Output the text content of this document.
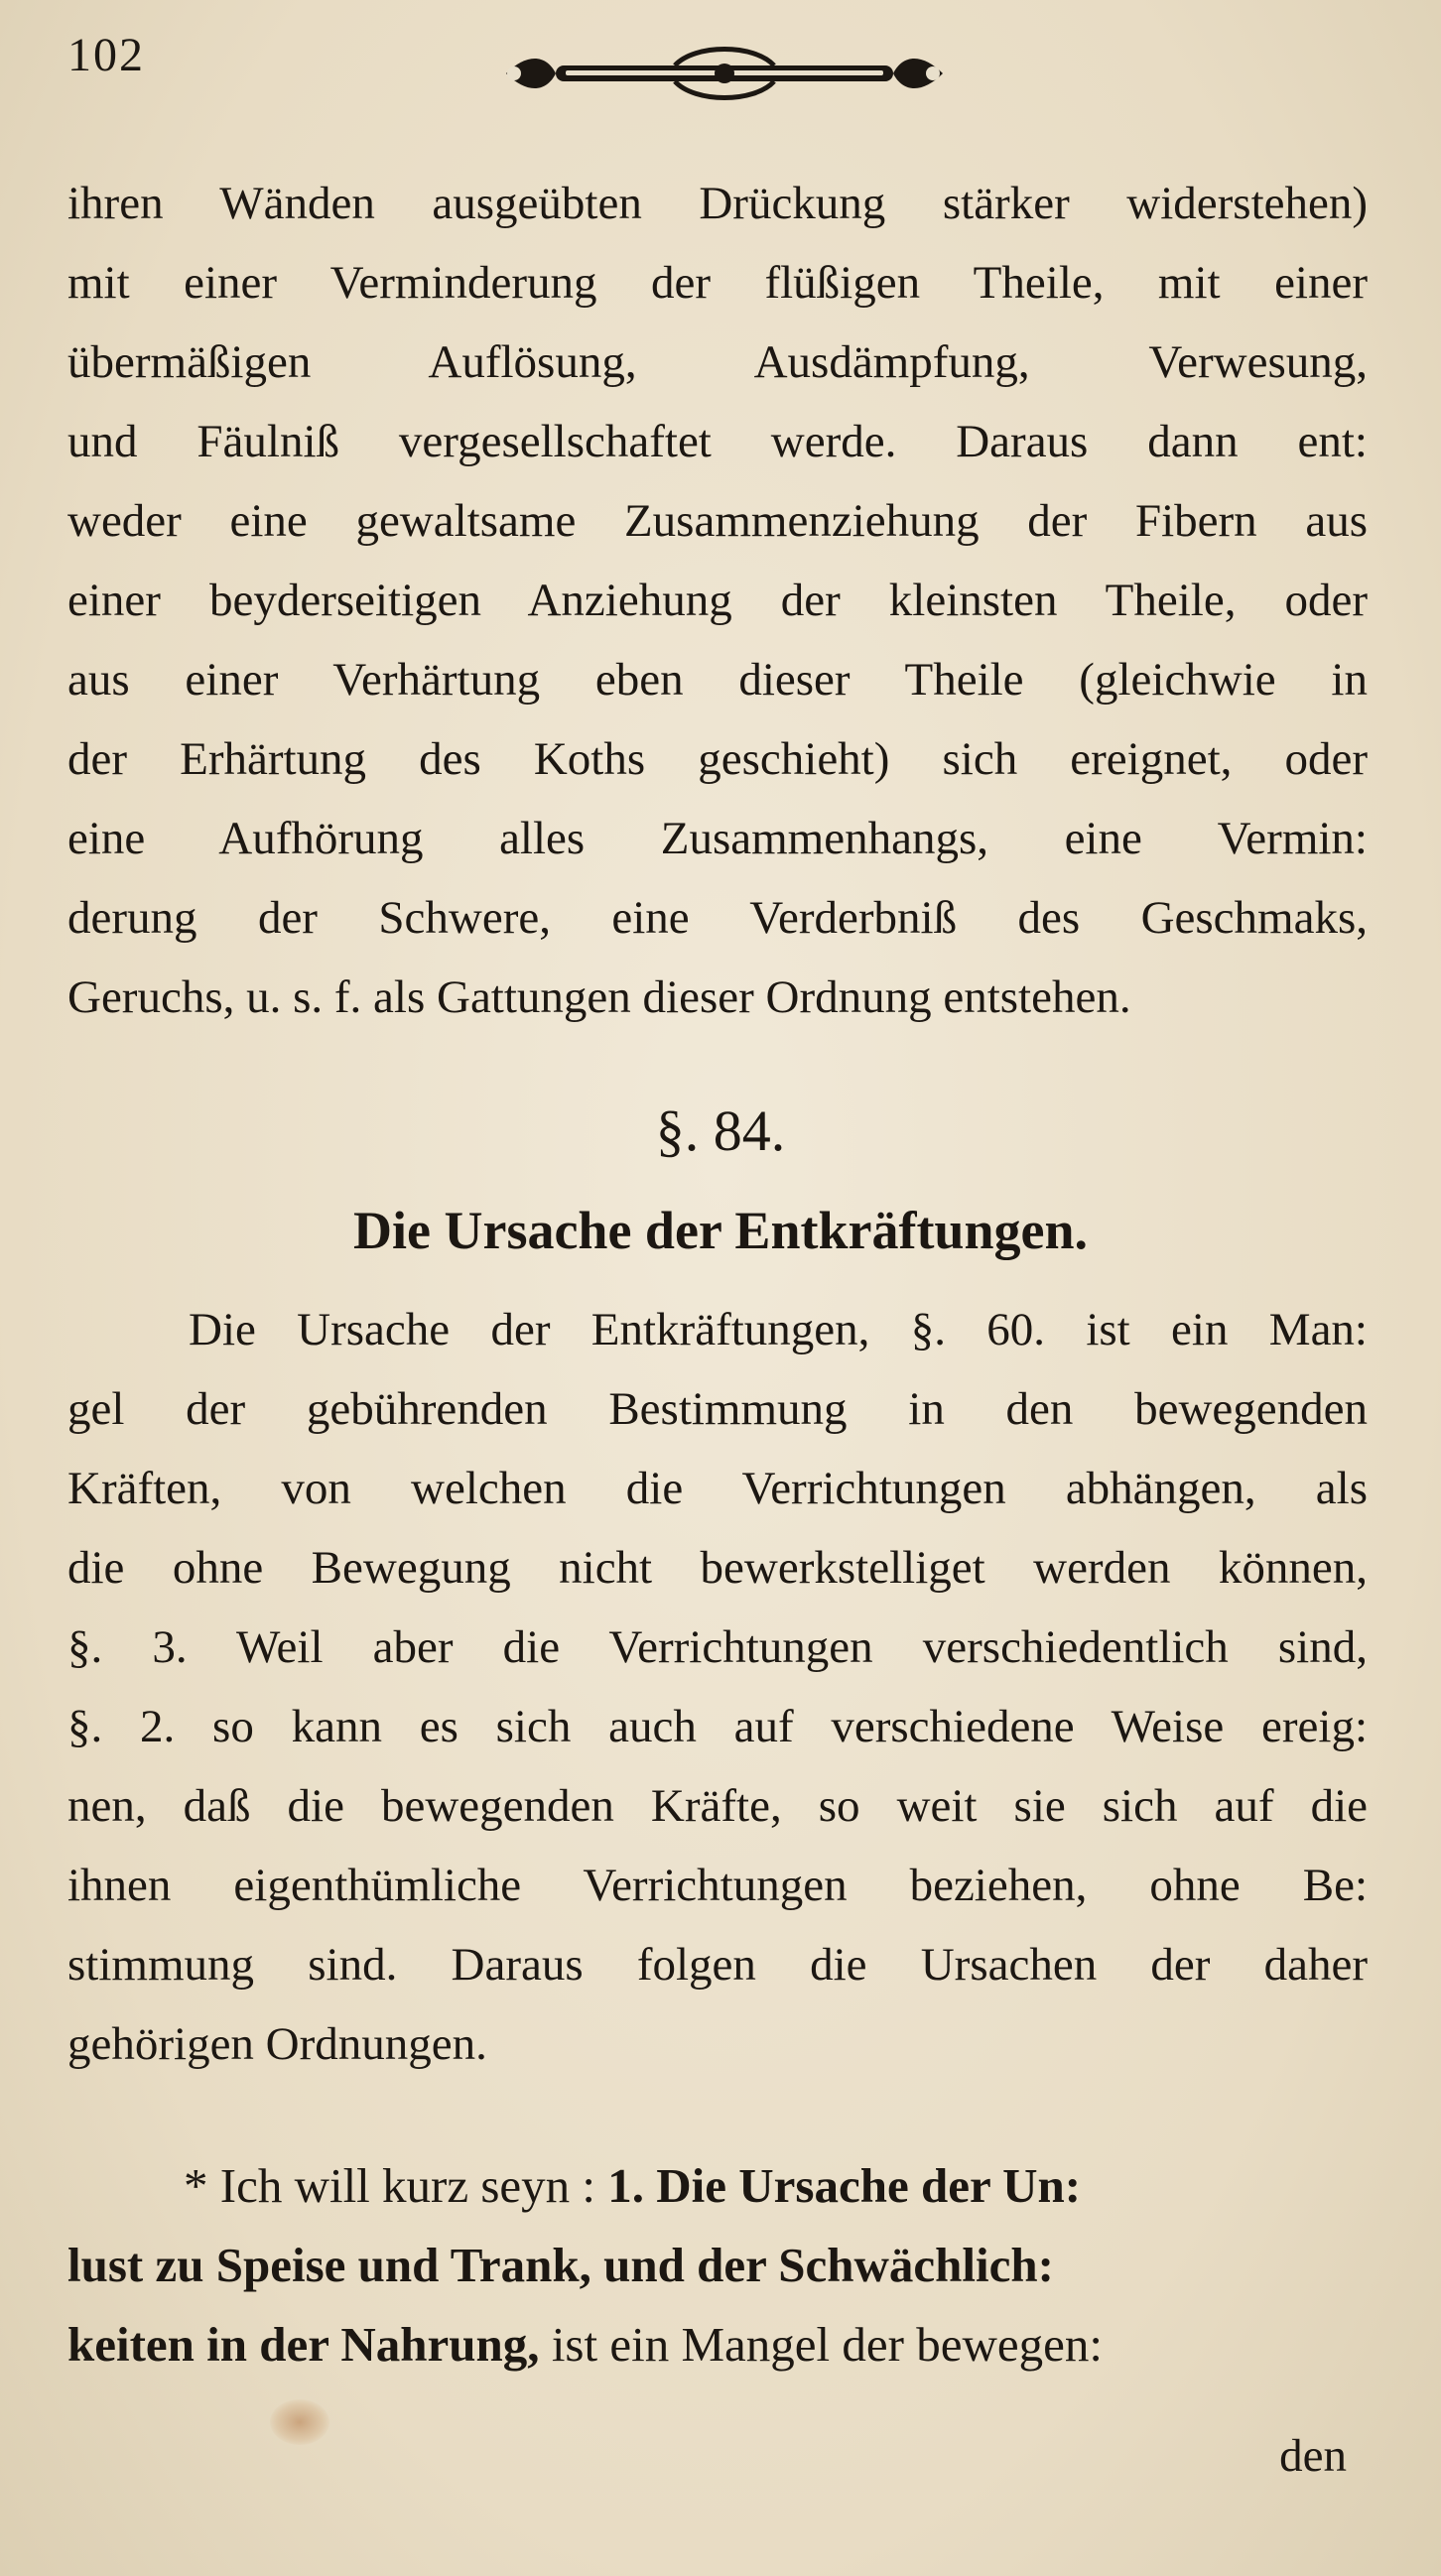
102
ihren Wänden ausgeübten Drückung stärker widerstehen)
mit einer Verminderung der flüßigen Theile, mit einer
übermäßigen Auflösung, Ausdämpfung, Verwesung,
und Fäulniß vergesellschaftet werde. Daraus dann ent:
weder eine gewaltsame Zusammenziehung der Fibern aus
einer beyderseitigen Anziehung der kleinsten Theile, oder
aus einer Verhärtung eben dieser Theile (gleichwie in
der Erhärtung des Koths geschieht) sich ereignet, oder
eine Aufhörung alles Zusammenhangs, eine Vermin:
derung der Schwere, eine Verderbniß des Geschmaks,
Geruchs, u. s. f. als Gattungen dieser Ordnung entstehen.
§. 84.
Die Ursache der Entkräftungen.
Die Ursache der Entkräftungen, §. 60. ist ein Man:
gel der gebührenden Bestimmung in den bewegenden
Kräften, von welchen die Verrichtungen abhängen, als
die ohne Bewegung nicht bewerkstelliget werden können,
§. 3. Weil aber die Verrichtungen verschiedentlich sind,
§. 2. so kann es sich auch auf verschiedene Weise ereig:
nen, daß die bewegenden Kräfte, so weit sie sich auf die
ihnen eigenthümliche Verrichtungen beziehen, ohne Be:
stimmung sind. Daraus folgen die Ursachen der daher
gehörigen Ordnungen.
* Ich will kurz seyn : 1. Die Ursache der Un:
lust zu Speise und Trank, und der Schwächlich:
keiten in der Nahrung, ist ein Mangel der bewegen:
den
